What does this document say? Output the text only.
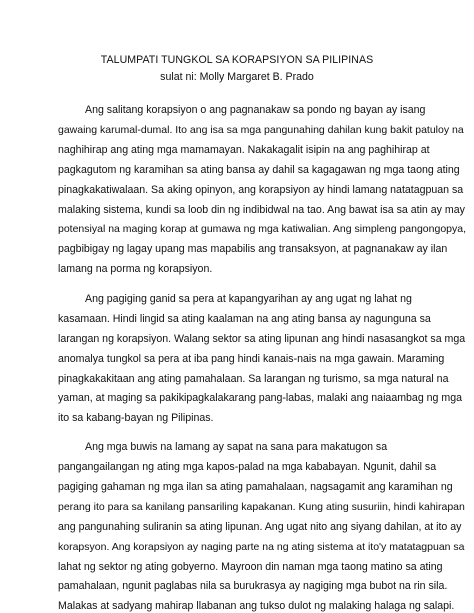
TALUMPATI TUNGKOL SA KORAPSIYON SA PILIPINAS
sulat ni: Molly Margaret B. Prado
Ang salitang korapsiyon o ang pagnanakaw sa pondo ng bayan ay isang
gawaing karumal-dumal. Ito ang isa sa mga pangunahing dahilan kung bakit patuloy na
naghihirap ang ating mga mamamayan. Nakakagalit isipin na ang paghihirap at
pagkagutom ng karamihan sa ating bansa ay dahil sa kagagawan ng mga taong ating
pinagkakatiwalaan. Sa aking opinyon, ang korapsiyon ay hindi lamang natatagpuan sa
malaking sistema, kundi sa loob din ng indibidwal na tao. Ang bawat isa sa atin ay may
potensiyal na maging korap at gumawa ng mga katiwalian. Ang simpleng pangongopya,
pagbibigay ng lagay upang mas mapabilis ang transaksyon, at pagnanakaw ay ilan
lamang na porma ng korapsiyon.
Ang pagiging ganid sa pera at kapangyarihan ay ang ugat ng lahat ng
kasamaan. Hindi lingid sa ating kaalaman na ang ating bansa ay nagunguna sa
larangan ng korapsiyon. Walang sektor sa ating lipunan ang hindi nasasangkot sa mga
anomalya tungkol sa pera at iba pang hindi kanais-nais na mga gawain. Maraming
pinagkakakitaan ang ating pamahalaan. Sa larangan ng turismo, sa mga natural na
yaman, at maging sa pakikipagkalakarang pang-labas, malaki ang naiaambag ng mga
ito sa kabang-bayan ng Pilipinas.
Ang mga buwis na lamang ay sapat na sana para makatugon sa
pangangailangan ng ating mga kapos-palad na mga kababayan. Ngunit, dahil sa
pagiging gahaman ng mga ilan sa ating pamahalaan, nagsagamit ang karamihan ng
perang ito para sa kanilang pansariling kapakanan. Kung ating susuriin, hindi kahirapan
ang pangunahing suliranin sa ating lipunan. Ang ugat nito ang siyang dahilan, at ito ay
korapsyon. Ang korapsiyon ay naging parte na ng ating sistema at ito'y matatagpuan sa
lahat ng sektor ng ating gobyerno. Mayroon din naman mga taong matino sa ating
pamahalaan, ngunit paglabas nila sa burukrasya ay nagiging mga bubot na rin sila.
Malakas at sadyang mahirap llabanan ang tukso dulot ng malaking halaga ng salapi.
